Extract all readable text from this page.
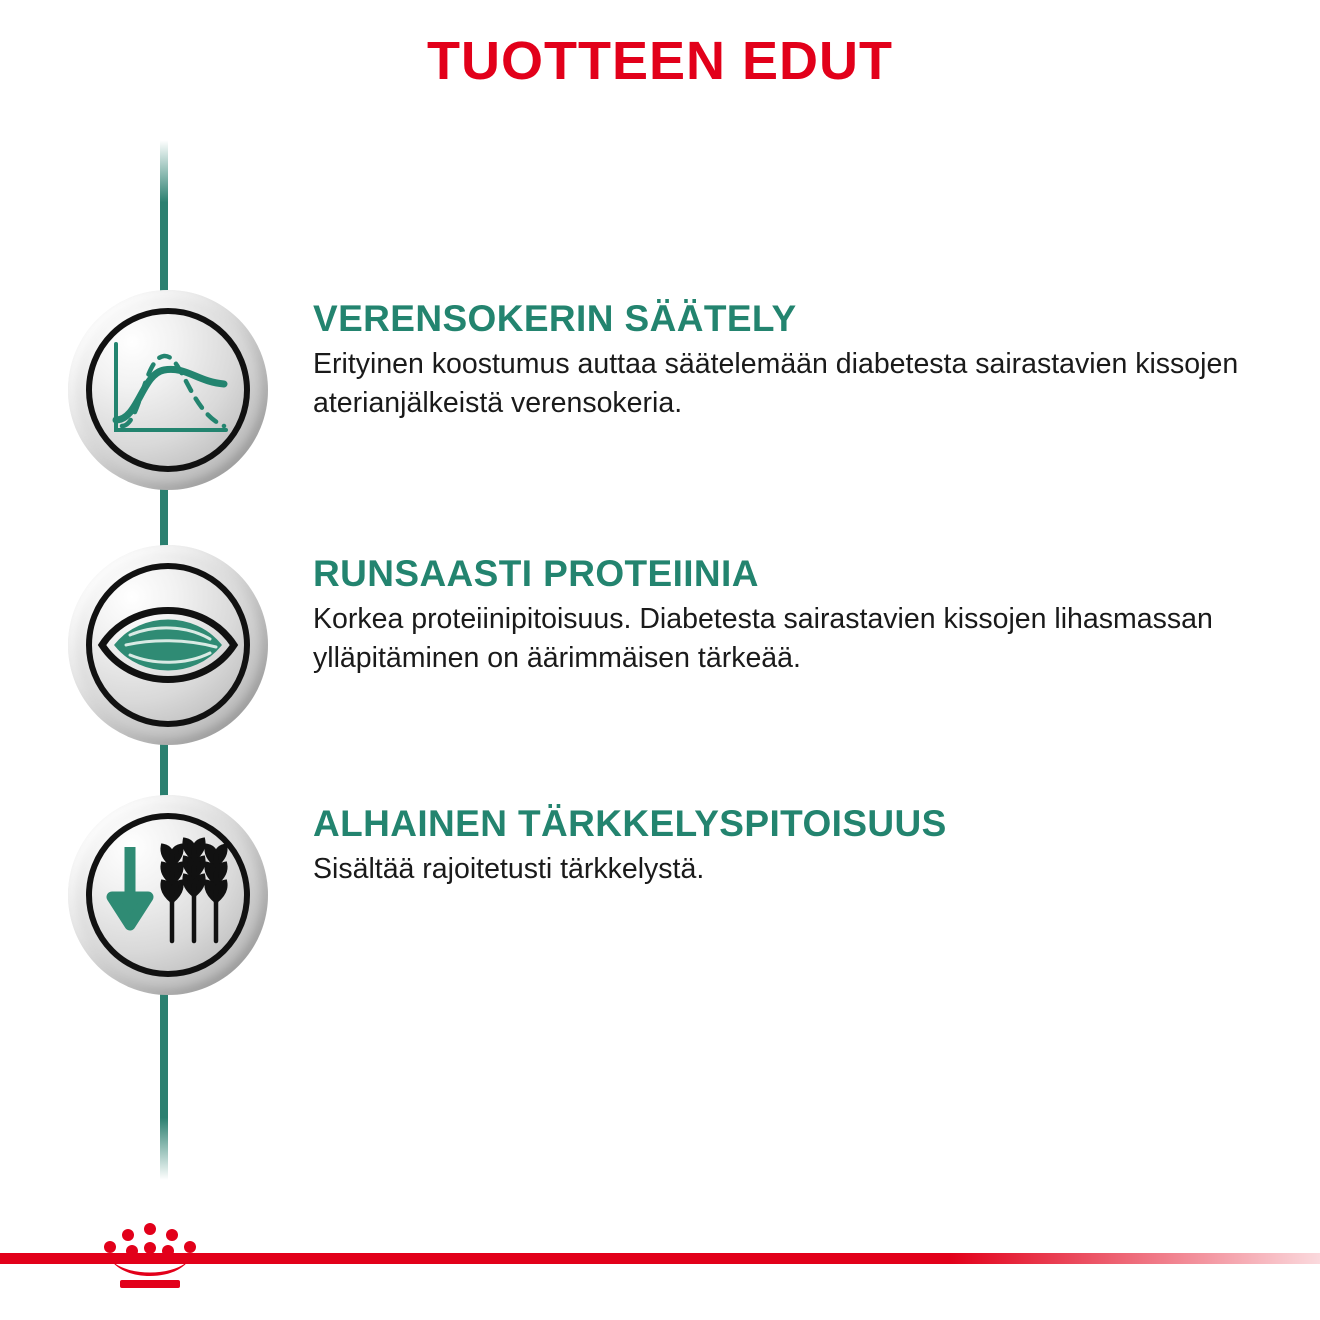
TUOTTEEN EDUT
VERENSOKERIN SÄÄTELY

Erityinen koostumus auttaa säätelemään diabetesta sairastavien kissojen aterianjälkeistä verensokeria.

RUNSAASTI PROTEIINIA

Korkea proteiinipitoisuus. Diabetesta sairastavien kissojen lihasmassan ylläpitäminen on äärimmäisen tärkeää.

ALHAINEN TÄRKKELYSPITOISUUS

Sisältää rajoitetusti tärkkelystä.
